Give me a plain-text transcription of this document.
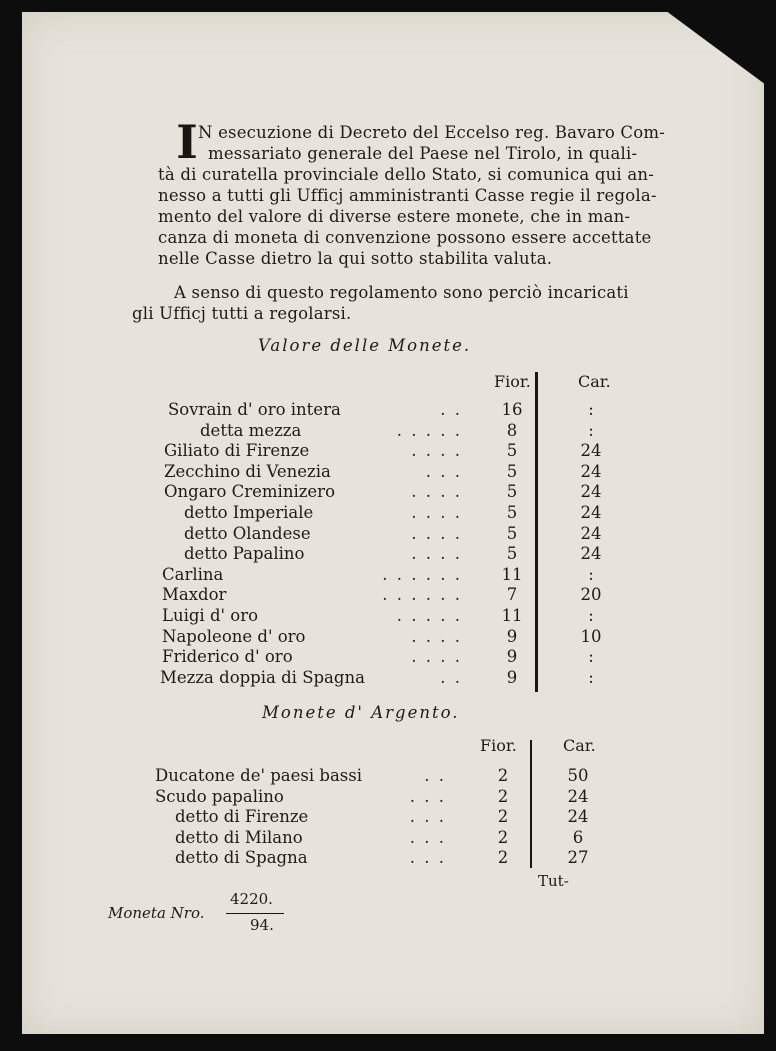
I N esecuzione di Decreto del Eccelso reg. Bavaro Com-
messariato generale del Paese nel Tirolo, in quali-
tà di curatella provinciale dello Stato, si comunica qui an-
nesso a tutti gli Ufficj amministranti Casse regie il regola-
mento del valore di diverse estere monete, che in man-
canza di moneta di convenzione possono essere accettate
nelle Casse dietro la qui sotto stabilita valuta.
A senso di questo regolamento sono perciò incaricati
gli Ufficj tutti a regolarsi.
Valore delle Monete.
Fior.	Car.
Sovrain d' oro intera	. . 16	:
detta mezza	. . . . .	8	:
Giliato di Firenze	. . . .	5	24
Zecchino di Venezia	. . .	5	24
Ongaro Creminizero	. . . .	5	24
detto Imperiale	. . . .	5	24
detto Olandese	. . . .	5	24
detto Papalino	. . . .	5	24
Carlina	. . . . . . 11	:
Maxdor	. . . . . .	7	20
Luigi d' oro	. . . . . 11	:
Napoleone d' oro	. . . .	9	10
Friderico d' oro	. . . .	9	:
Mezza doppia di Spagna	. .	9	:
Monete d' Argento.
Fior.	Car.
Ducatone de' paesi bassi	. .	2	50
Scudo papalino	. . .	2	24
detto di Firenze	. . .	2	24
detto di Milano	. . .	2	6
detto di Spagna	. . .	2	27
Tut-
Moneta Nro.
4220.
94.
